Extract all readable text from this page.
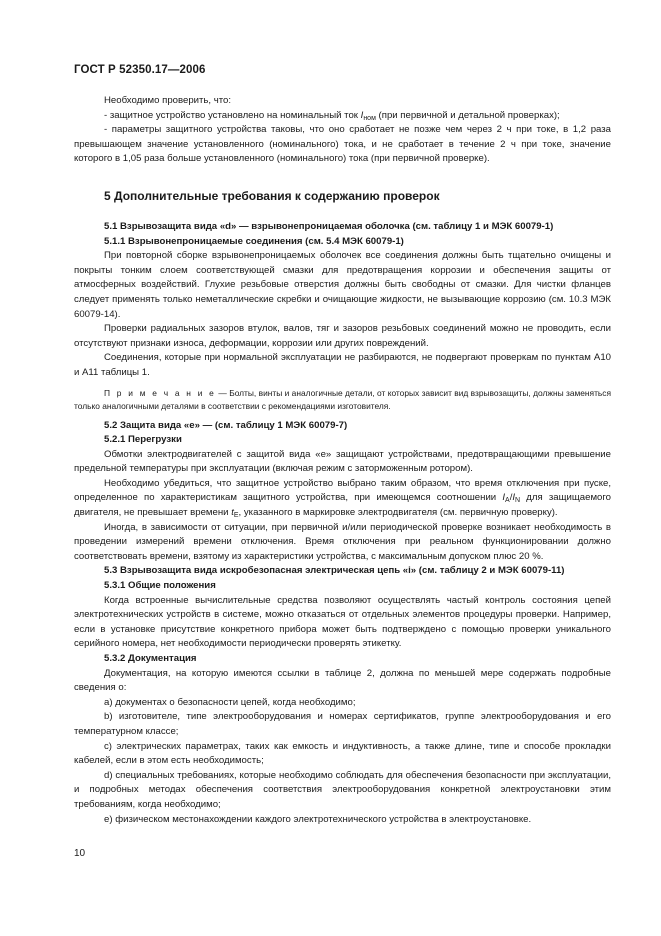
ГОСТ Р 52350.17—2006

Необходимо проверить, что:

- защитное устройство установлено на номинальный ток $I_{ном}$ (при первичной и детальной проверках);

- параметры защитного устройства таковы, что оно сработает не позже чем через 2 ч при токе, в 1,2 раза превышающем значение установленного (номинального) тока, и не сработает в течение 2 ч при токе, значение которого в 1,05 раза больше установленного (номинального) тока (при первичной проверке).

5 Дополнительные требования к содержанию проверок

5.1 Взрывозащита вида «d» — взрывонепроницаемая оболочка (см. таблицу 1 и МЭК 60079-1)

5.1.1 Взрывонепроницаемые соединения (см. 5.4 МЭК 60079-1)

При повторной сборке взрывонепроницаемых оболочек все соединения должны быть тщательно очищены и покрыты тонким слоем соответствующей смазки для предотвращения коррозии и обеспечения защиты от атмосферных воздействий. Глухие резьбовые отверстия должны быть свободны от смазки. Для чистки фланцев следует применять только неметаллические скребки и очищающие жидкости, не вызывающие коррозию (см. 10.3 МЭК 60079-14).

Проверки радиальных зазоров втулок, валов, тяг и зазоров резьбовых соединений можно не проводить, если отсутствуют признаки износа, деформации, коррозии или других повреждений.

Соединения, которые при нормальной эксплуатации не разбираются, не подвергают проверкам по пунктам А10 и А11 таблицы 1.

П р и м е ч а н и е — Болты, винты и аналогичные детали, от которых зависит вид взрывозащиты, должны заменяться только аналогичными деталями в соответствии с рекомендациями изготовителя.

5.2 Защита вида «е» — (см. таблицу 1 МЭК 60079-7)

5.2.1 Перегрузки

Обмотки электродвигателей с защитой вида «е» защищают устройствами, предотвращающими превышение предельной температуры при эксплуатации (включая режим с заторможенным ротором).

Необходимо убедиться, что защитное устройство выбрано таким образом, что время отключения при пуске, определенное по характеристикам защитного устройства, при имеющемся соотношении $I_A/I_N$ для защищаемого двигателя, не превышает времени $t_E$, указанного в маркировке электродвигателя (см. первичную проверку).

Иногда, в зависимости от ситуации, при первичной и/или периодической проверке возникает необходимость в проведении измерений времени отключения. Время отключения при реальном функционировании должно соответствовать времени, взятому из характеристики устройства, с максимальным допуском плюс 20 %.

5.3 Взрывозащита вида искробезопасная электрическая цепь «i» (см. таблицу 2 и МЭК 60079-11)

5.3.1 Общие положения

Когда встроенные вычислительные средства позволяют осуществлять частый контроль состояния цепей электротехнических устройств в системе, можно отказаться от отдельных элементов процедуры проверки. Например, если в установке присутствие конкретного прибора может быть подтверждено с помощью проверки уникального серийного номера, нет необходимости периодически проверять этикетку.

5.3.2 Документация

Документация, на которую имеются ссылки в таблице 2, должна по меньшей мере содержать подробные сведения о:

а) документах о безопасности цепей, когда необходимо;

b) изготовителе, типе электрооборудования и номерах сертификатов, группе электрооборудования и его температурном классе;

с) электрических параметрах, таких как емкость и индуктивность, а также длине, типе и способе прокладки кабелей, если в этом есть необходимость;

d) специальных требованиях, которые необходимо соблюдать для обеспечения безопасности при эксплуатации, и подробных методах обеспечения соответствия электрооборудования конкретной электроустановки этим требованиям, когда необходимо;

е) физическом местонахождении каждого электротехнического устройства в электроустановке.

10
